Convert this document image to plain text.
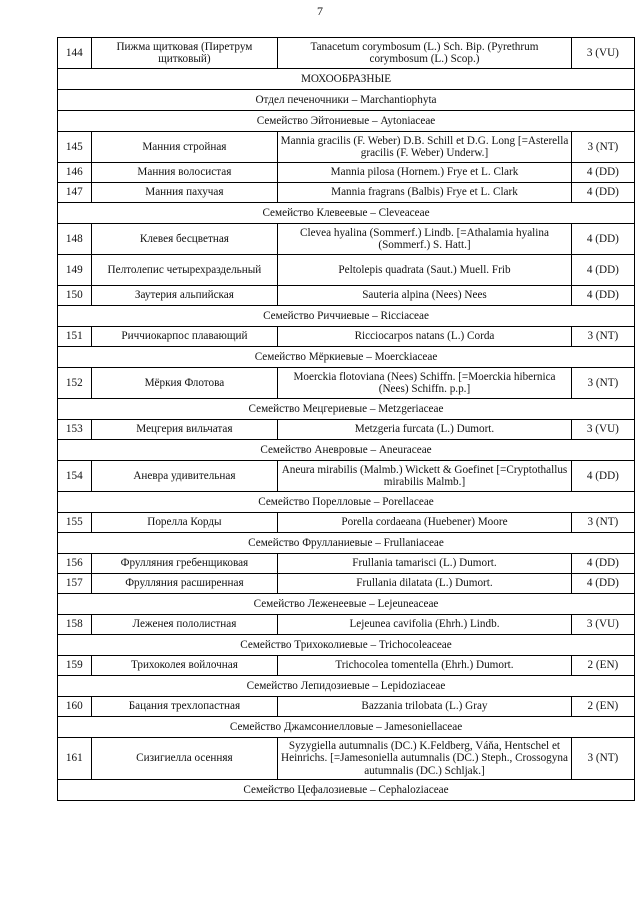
7
144	Пижма щитковая (Пиретрум щитковый)	Tanacetum corymbosum (L.) Sch. Bip. (Pyrethrum corymbosum (L.) Scop.)	3 (VU)
МОХООБРАЗНЫЕ			
Отдел печеночники – Marchantiophyta			
Семейство Эйтониевые – Aytoniaceae			
145	Манния стройная	Mannia gracilis (F. Weber) D.B. Schill et D.G. Long [=Asterella gracilis (F. Weber) Underw.]	3 (NT)
146	Манния волосистая	Mannia pilosa (Hornem.) Frye et L. Clark	4 (DD)
147	Манния пахучая	Mannia fragrans (Balbis) Frye et L. Clark	4 (DD)
Семейство Клевеевые – Cleveaceae			
148	Клевея бесцветная	Clevea hyalina (Sommerf.) Lindb. [=Athalamia hyalina (Sommerf.) S. Hatt.]	4 (DD)
149	Пелтолепис четырехраздельный	Peltolepis quadrata (Saut.) Muell. Frib	4 (DD)
150	Заутерия альпийская	Sauteria alpina (Nees) Nees	4 (DD)
Семейство Риччиевые – Ricciaceae			
151	Риччиокарпос плавающий	Ricciocarpos natans (L.) Corda	3 (NT)
Семейство Мёркиевые – Moerckiaceae			
152	Мёркия Флотова	Moerckia flotoviana (Nees) Schiffn. [=Moerckia hibernica (Nees) Schiffn. p.p.]	3 (NT)
Семейство Мецгериевые – Metzgeriaceae			
153	Мецгерия вильчатая	Metzgeria furcata (L.) Dumort.	3 (VU)
Семейство Аневровые – Aneuraceae			
154	Аневра удивительная	Aneura mirabilis (Malmb.) Wickett & Goefinet [=Cryptothallus mirabilis Malmb.]	4 (DD)
Семейство Порелловые – Porellaceae			
155	Порелла Корды	Porella cordaeana (Huebener) Moore	3 (NT)
Семейство Фрулланиевые – Frullaniaceae			
156	Фрулляния гребенщиковая	Frullania tamarisci (L.) Dumort.	4 (DD)
157	Фрулляния расширенная	Frullania dilatata (L.) Dumort.	4 (DD)
Семейство Леженеевые – Lejeuneaceae			
158	Леженея пололистная	Lejeunea cavifolia (Ehrh.) Lindb.	3 (VU)
Семейство Трихоколиевые – Trichocoleaceae			
159	Трихоколея войлочная	Trichocolea tomentella (Ehrh.) Dumort.	2 (EN)
Семейство Лепидозиевые – Lepidoziaceae			
160	Бацания трехлопастная	Bazzania trilobata (L.) Gray	2 (EN)
Семейство Джамсониелловые – Jamesoniellaceae			
161	Сизигиелла осенняя	Syzygiella autumnalis (DC.) K.Feldberg, Váňa, Hentschel et Heinrichs. [=Jamesoniella autumnalis (DC.) Steph., Crossogyna autumnalis (DC.) Schljak.]	3 (NT)
Семейство Цефалозиевые – Cephaloziaceae			
